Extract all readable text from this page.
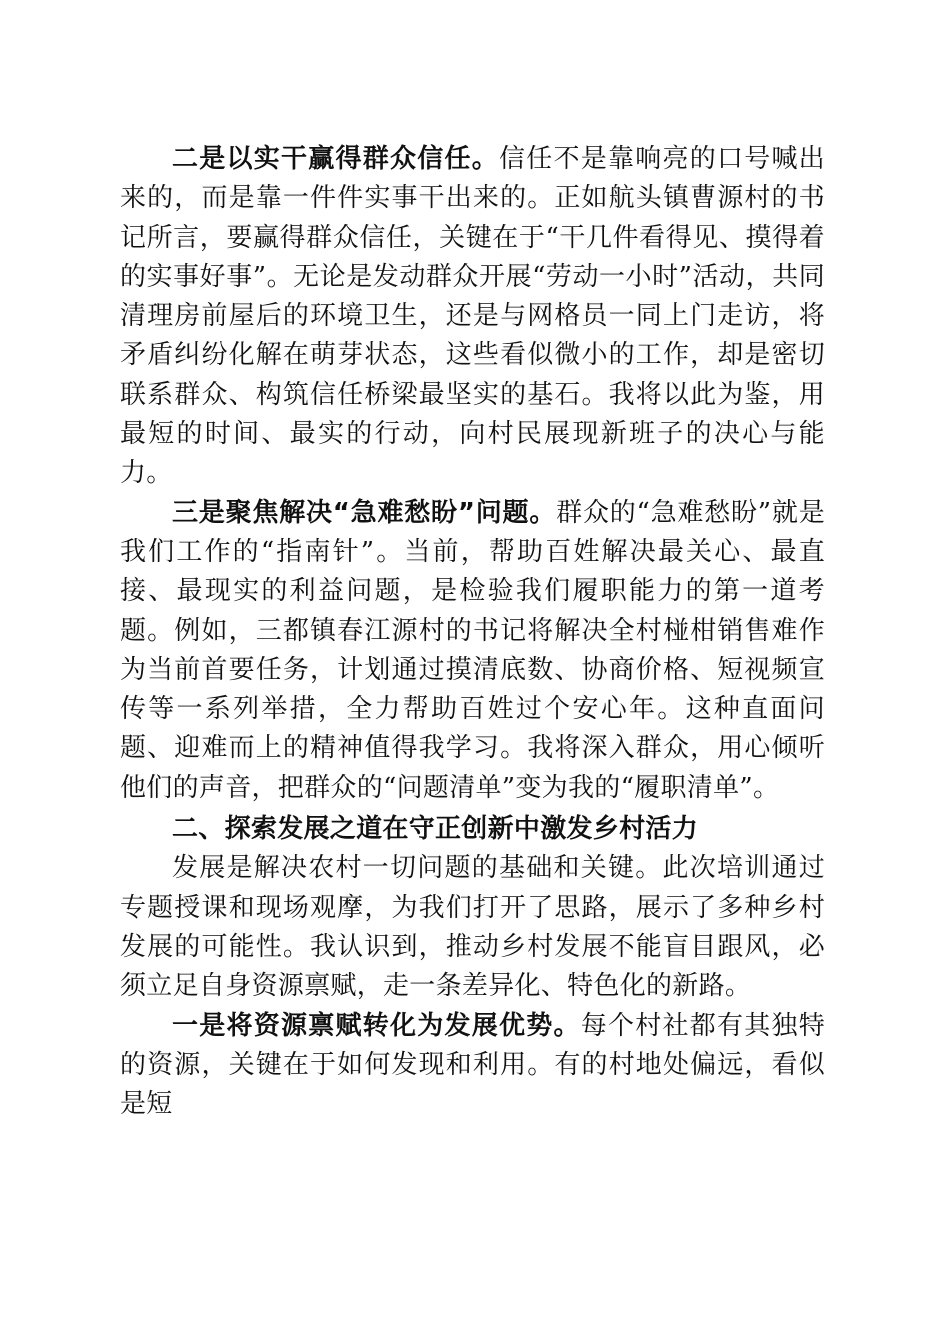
二是以实干赢得群众信任。信任不是靠响亮的口号喊出来的，而是靠一件件实事干出来的。正如航头镇曹源村的书记所言，要赢得群众信任，关键在于“干几件看得见、摸得着的实事好事”。无论是发动群众开展“劳动一小时”活动，共同清理房前屋后的环境卫生，还是与网格员一同上门走访，将矛盾纠纷化解在萌芽状态，这些看似微小的工作，却是密切联系群众、构筑信任桥梁最坚实的基石。我将以此为鉴，用最短的时间、最实的行动，向村民展现新班子的决心与能力。

三是聚焦解决“急难愁盼”问题。群众的“急难愁盼”就是我们工作的“指南针”。当前，帮助百姓解决最关心、最直接、最现实的利益问题，是检验我们履职能力的第一道考题。例如，三都镇春江源村的书记将解决全村椪柑销售难作为当前首要任务，计划通过摸清底数、协商价格、短视频宣传等一系列举措，全力帮助百姓过个安心年。这种直面问题、迎难而上的精神值得我学习。我将深入群众，用心倾听他们的声音，把群众的“问题清单”变为我的“履职清单”。

二、探索发展之道在守正创新中激发乡村活力

发展是解决农村一切问题的基础和关键。此次培训通过专题授课和现场观摩，为我们打开了思路，展示了多种乡村发展的可能性。我认识到，推动乡村发展不能盲目跟风，必须立足自身资源禀赋，走一条差异化、特色化的新路。

一是将资源禀赋转化为发展优势。每个村社都有其独特的资源，关键在于如何发现和利用。有的村地处偏远，看似是短
